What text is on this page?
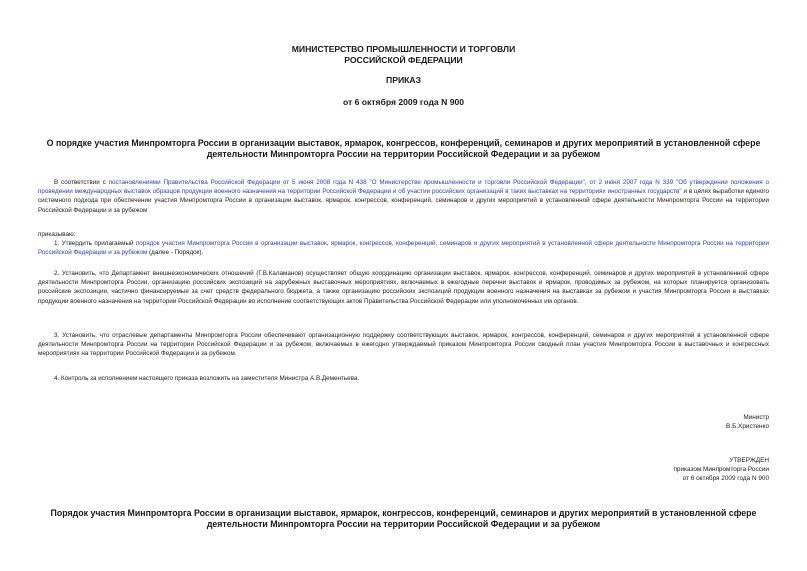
МИНИСТЕРСТВО ПРОМЫШЛЕННОСТИ И ТОРГОВЛИ
РОССИЙСКОЙ ФЕДЕРАЦИИ
ПРИКАЗ
от 6 октября 2009 года N 900
О порядке участия Минпромторга России в организации выставок, ярмарок, конгрессов, конференций, семинаров и других мероприятий в установленной сфере деятельности Минпромторга России на территории Российской Федерации и за рубежом
В соответствии с постановлениями Правительства Российской Федерации от 5 июня 2008 года N 438 "О Министерстве промышленности и торговли Российской Федерации", от 2 июня 2007 года N 339 "Об утверждении положения о проведении международных выставок образцов продукции военного назначения на территории Российской Федерации и об участии российских организаций в таких выставках на территориях иностранных государств" и в целях выработки единого системного подхода при обеспечении участия Минпромторга России в организации выставок, ярмарок, конгрессов, конференций, семинаров и других мероприятий в установленной сфере деятельности Минпромторга России на территории Российской Федерации и за рубежом
приказываю:
1. Утвердить прилагаемый порядок участия Минпромторга России в организации выставок, ярмарок, конгрессов, конференций, семинаров и других мероприятий в установленной сфере деятельности Минпромторга России на территории Российской Федерации и за рубежом (далее - Порядок).
2. Установить, что Департамент внешнеэкономических отношений (Г.В.Каламанов) осуществляет общую координацию организации выставок, ярмарок, конгрессов, конференций, семинаров и других мероприятий в установленной сфере деятельности Минпромторга России, организацию российских экспозиций на зарубежных выставочных мероприятиях, включаемых в ежегодные перечни выставок и ярмарок, проводимых за рубежом, на которых планируется организовать российские экспозиции, частично финансируемые за счет средств федерального бюджета, а также организацию российских экспозиций продукции военного назначения на выставках за рубежом и участия Минпромторга России в выставках продукции военного назначения на территории Российской Федерации во исполнение соответствующих актов Правительства Российской Федерации или уполномоченных им органов.
3. Установить, что отраслевые департаменты Минпромторга России обеспечивают организационную поддержку соответствующих выставок, ярмарок, конгрессов, конференций, семинаров и других мероприятий в установленной сфере деятельности Минпромторга России на территории Российской Федерации и за рубежом, включаемых в ежегодно утверждаемый приказом Минпромторга России сводный план участия Минпромторга России в выставочных и конгрессных мероприятиях на территории Российской Федерации и за рубежом.
4. Контроль за исполнением настоящего приказа возложить на заместителя Министра А.В.Дементьева.
Министр
В.Б.Христенко
УТВЕРЖДЕН
приказом Минпромторга России
от 6 октября 2009 года N 900
Порядок участия Минпромторга России в организации выставок, ярмарок, конгрессов, конференций, семинаров и других мероприятий в установленной сфере деятельности Минпромторга России на территории Российской Федерации и за рубежом
